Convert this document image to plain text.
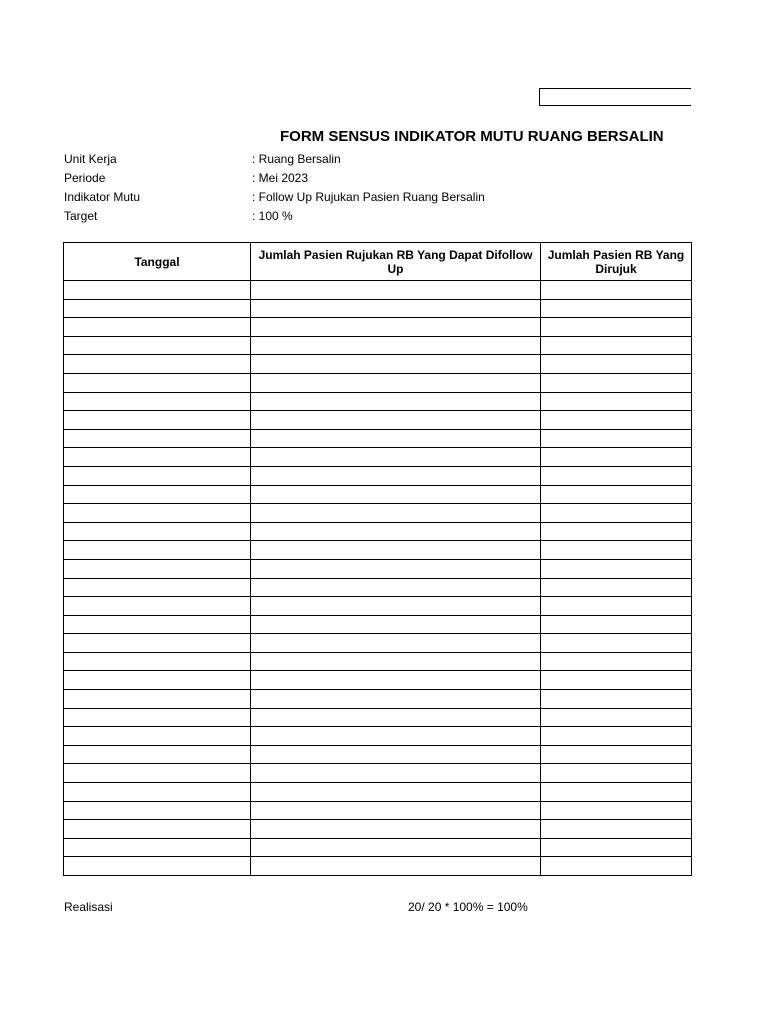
FORM SENSUS INDIKATOR MUTU RUANG BERSALIN
Unit Kerja	: Ruang Bersalin
Periode	: Mei 2023
Indikator Mutu	: Follow Up Rujukan Pasien Ruang Bersalin
Target	: 100 %
Tanggal	Jumlah Pasien Rujukan RB Yang Dapat Difollow Up	Jumlah Pasien RB Yang Dirujuk

Realisasi	20/ 20 * 100% = 100%
